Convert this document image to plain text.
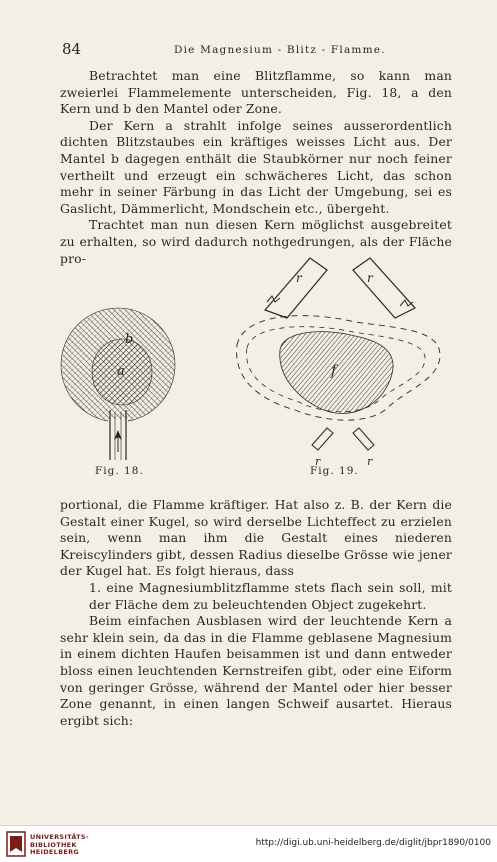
84	Die Magnesium - Blitz - Flamme.

Betrachtet man eine Blitzflamme, so kann man zweierlei Flammelemente unterscheiden, Fig. 18, a den Kern und b den Mantel oder Zone.

Der Kern a strahlt infolge seines ausserordentlich dichten Blitzstaubes ein kräftiges weisses Licht aus. Der Mantel b dagegen enthält die Staubkörner nur noch feiner vertheilt und erzeugt ein schwächeres Licht, das schon mehr in seiner Färbung in das Licht der Umgebung, sei es Gaslicht, Dämmerlicht, Mondschein etc., übergeht.

Trachtet man nun diesen Kern möglichst ausgebreitet zu erhalten, so wird dadurch nothgedrungen, als der Fläche pro-

b
a
r	r
f
r	r
Fig. 18.	Fig. 19.

portional, die Flamme kräftiger. Hat also z. B. der Kern die Gestalt einer Kugel, so wird derselbe Lichteffect zu erzielen sein, wenn man ihm die Gestalt eines niederen Kreiscylinders gibt, dessen Radius dieselbe Grösse wie jener der Kugel hat. Es folgt hieraus, dass

1. eine Magnesiumblitzflamme stets flach sein soll, mit der Fläche dem zu beleuchtenden Object zugekehrt.

Beim einfachen Ausblasen wird der leuchtende Kern a sehr klein sein, da das in die Flamme geblasene Magnesium in einem dichten Haufen beisammen ist und dann entweder bloss einen leuchtenden Kernstreifen gibt, oder eine Eiform von geringer Grösse, während der Mantel oder hier besser Zone genannt, in einen langen Schweif ausartet. Hieraus ergibt sich:

UNIVERSITÄTS-
BIBLIOTHEK
HEIDELBERG
http://digi.ub.uni-heidelberg.de/diglit/jbpr1890/0100
